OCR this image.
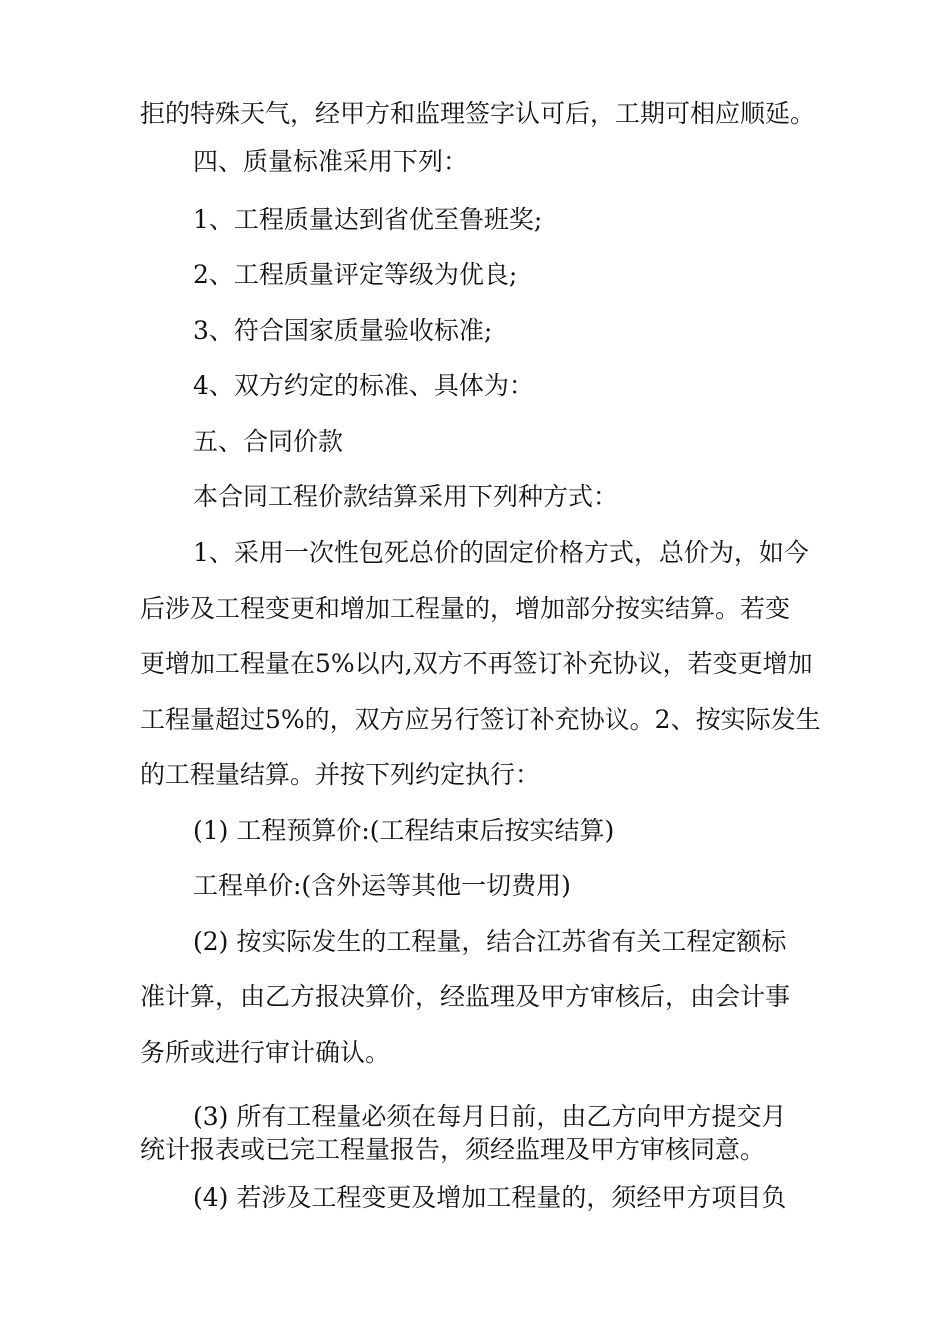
拒的特殊天气，经甲方和监理签字认可后，工期可相应顺延。

四、质量标准采用下列：

1、工程质量达到省优至鲁班奖;

2、工程质量评定等级为优良;

3、符合国家质量验收标准;

4、双方约定的标准、具体为：

五、合同价款

本合同工程价款结算采用下列种方式：

1、采用一次性包死总价的固定价格方式，总价为，如今

后涉及工程变更和增加工程量的，增加部分按实结算。若变

更增加工程量在5%以内,双方不再签订补充协议，若变更增加

工程量超过5%的，双方应另行签订补充协议。2、按实际发生

的工程量结算。并按下列约定执行：

(1) 工程预算价:(工程结束后按实结算)

工程单价:(含外运等其他一切费用)

(2) 按实际发生的工程量，结合江苏省有关工程定额标

准计算，由乙方报决算价，经监理及甲方审核后，由会计事

务所或进行审计确认。

(3) 所有工程量必须在每月日前，由乙方向甲方提交月

统计报表或已完工程量报告，须经监理及甲方审核同意。

(4) 若涉及工程变更及增加工程量的，须经甲方项目负
